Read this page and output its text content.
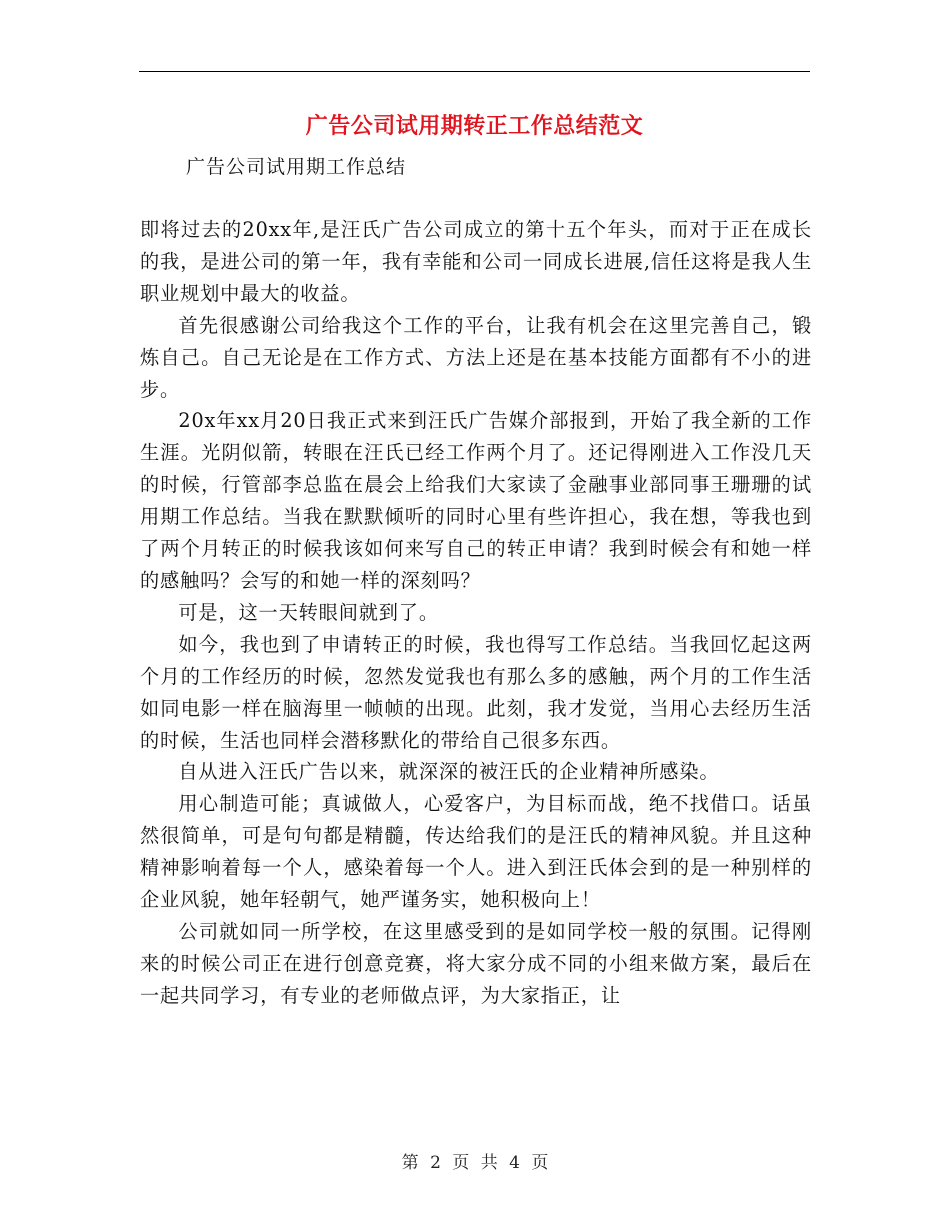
广告公司试用期转正工作总结范文
广告公司试用期工作总结

即将过去的20xx年,是汪氏广告公司成立的第十五个年头，而对于正在成长的我，是进公司的第一年，我有幸能和公司一同成长进展,信任这将是我人生职业规划中最大的收益。

首先很感谢公司给我这个工作的平台，让我有机会在这里完善自己，锻炼自己。自己无论是在工作方式、方法上还是在基本技能方面都有不小的进步。

20x年xx月20日我正式来到汪氏广告媒介部报到，开始了我全新的工作生涯。光阴似箭，转眼在汪氏已经工作两个月了。还记得刚进入工作没几天的时候，行管部李总监在晨会上给我们大家读了金融事业部同事王珊珊的试用期工作总结。当我在默默倾听的同时心里有些许担心，我在想，等我也到了两个月转正的时候我该如何来写自己的转正申请？我到时候会有和她一样的感触吗？会写的和她一样的深刻吗？

可是，这一天转眼间就到了。

如今，我也到了申请转正的时候，我也得写工作总结。当我回忆起这两个月的工作经历的时候，忽然发觉我也有那么多的感触，两个月的工作生活如同电影一样在脑海里一帧帧的出现。此刻，我才发觉，当用心去经历生活的时候，生活也同样会潜移默化的带给自己很多东西。

自从进入汪氏广告以来，就深深的被汪氏的企业精神所感染。

用心制造可能；真诚做人，心爱客户，为目标而战，绝不找借口。话虽然很简单，可是句句都是精髓，传达给我们的是汪氏的精神风貌。并且这种精神影响着每一个人，感染着每一个人。进入到汪氏体会到的是一种别样的企业风貌，她年轻朝气，她严谨务实，她积极向上！

公司就如同一所学校，在这里感受到的是如同学校一般的氛围。记得刚来的时候公司正在进行创意竞赛，将大家分成不同的小组来做方案，最后在一起共同学习，有专业的老师做点评，为大家指正，让

第 2 页 共 4 页
